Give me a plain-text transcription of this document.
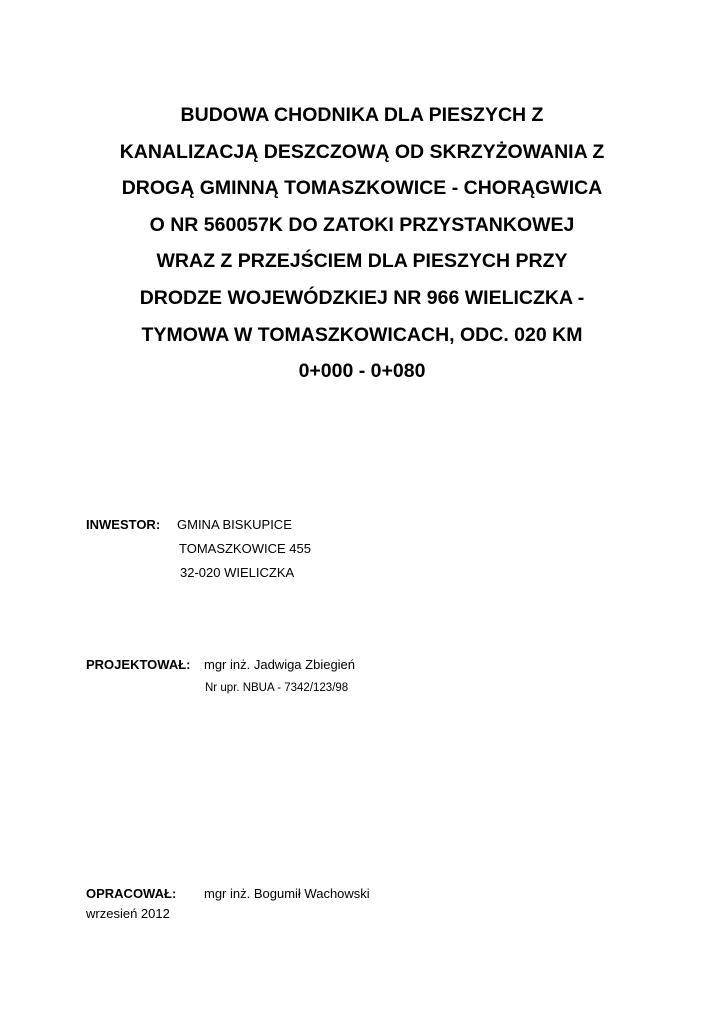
BUDOWA CHODNIKA DLA PIESZYCH Z
KANALIZACJĄ DESZCZOWĄ OD SKRZYŻOWANIA Z
DROGĄ GMINNĄ TOMASZKOWICE - CHORĄGWICA
O NR 560057K DO ZATOKI PRZYSTANKOWEJ
WRAZ Z PRZEJŚCIEM DLA PIESZYCH PRZY
DRODZE WOJEWÓDZKIEJ NR 966 WIELICZKA -
TYMOWA W TOMASZKOWICACH, ODC. 020 KM
0+000 - 0+080
INWESTOR: GMINA BISKUPICE
TOMASZKOWICE 455
32-020 WIELICZKA
PROJEKTOWAŁ: mgr inż. Jadwiga Zbiegień
Nr upr. NBUA - 7342/123/98
OPRACOWAŁ: mgr inż. Bogumił Wachowski
wrzesień 2012
